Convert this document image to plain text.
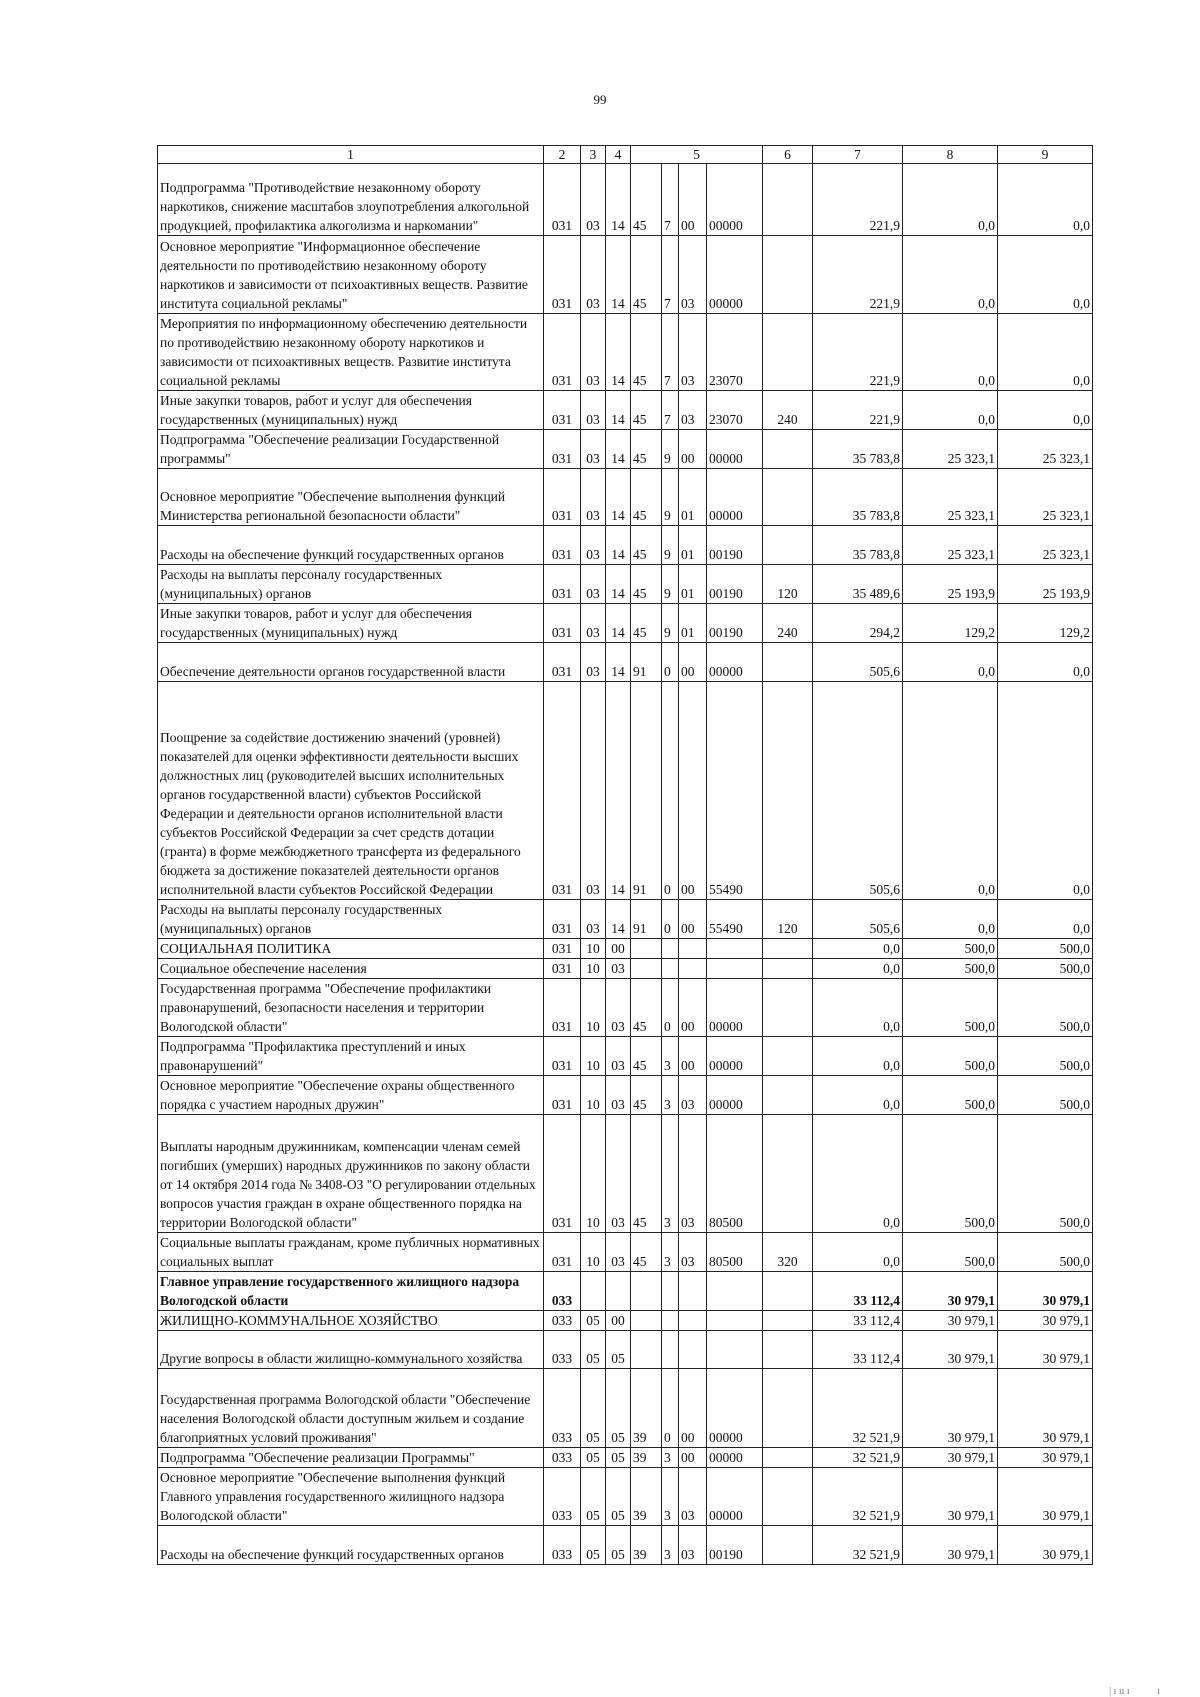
99
1	2	3	4	5				6	7	8	9
Подпрограмма "Противодействие незаконному обороту наркотиков, снижение масштабов злоупотребления алкогольной продукцией, профилактика алкоголизма и наркомании"	031	03	14	45	7	00	00000		221,9	0,0	0,0
Основное мероприятие "Информационное обеспечение деятельности по противодействию незаконному обороту наркотиков и зависимости от психоактивных веществ. Развитие института социальной рекламы"	031	03	14	45	7	03	00000		221,9	0,0	0,0
Мероприятия по информационному обеспечению деятельности по противодействию незаконному обороту наркотиков и зависимости от психоактивных веществ. Развитие института социальной рекламы	031	03	14	45	7	03	23070		221,9	0,0	0,0
Иные закупки товаров, работ и услуг для обеспечения государственных (муниципальных) нужд	031	03	14	45	7	03	23070	240	221,9	0,0	0,0
Подпрограмма "Обеспечение реализации Государственной программы"	031	03	14	45	9	00	00000		35 783,8	25 323,1	25 323,1
Основное мероприятие "Обеспечение выполнения функций Министерства региональной безопасности области"	031	03	14	45	9	01	00000		35 783,8	25 323,1	25 323,1
Расходы на обеспечение функций государственных органов	031	03	14	45	9	01	00190		35 783,8	25 323,1	25 323,1
Расходы на выплаты персоналу государственных (муниципальных) органов	031	03	14	45	9	01	00190	120	35 489,6	25 193,9	25 193,9
Иные закупки товаров, работ и услуг для обеспечения государственных (муниципальных) нужд	031	03	14	45	9	01	00190	240	294,2	129,2	129,2
Обеспечение деятельности органов государственной власти	031	03	14	91	0	00	00000		505,6	0,0	0,0
Поощрение за содействие достижению значений (уровней) показателей для оценки эффективности деятельности высших должностных лиц (руководителей высших исполнительных органов государственной власти) субъектов Российской Федерации и деятельности органов исполнительной власти субъектов Российской Федерации за счет средств дотации (гранта) в форме межбюджетного трансферта из федерального бюджета за достижение показателей деятельности органов исполнительной власти субъектов Российской Федерации	031	03	14	91	0	00	55490		505,6	0,0	0,0
Расходы на выплаты персоналу государственных (муниципальных) органов	031	03	14	91	0	00	55490	120	505,6	0,0	0,0
СОЦИАЛЬНАЯ ПОЛИТИКА	031	10	00						0,0	500,0	500,0
Социальное обеспечение населения	031	10	03						0,0	500,0	500,0
Государственная программа "Обеспечение профилактики правонарушений, безопасности населения и территории Вологодской области"	031	10	03	45	0	00	00000		0,0	500,0	500,0
Подпрограмма "Профилактика преступлений и иных правонарушений"	031	10	03	45	3	00	00000		0,0	500,0	500,0
Основное мероприятие "Обеспечение охраны общественного порядка с участием народных дружин"	031	10	03	45	3	03	00000		0,0	500,0	500,0
Выплаты народным дружинникам, компенсации членам семей погибших (умерших) народных дружинников по закону области от 14 октября 2014 года № 3408-ОЗ "О регулировании отдельных вопросов участия граждан в охране общественного порядка на территории Вологодской области"	031	10	03	45	3	03	80500		0,0	500,0	500,0
Социальные выплаты гражданам, кроме публичных нормативных социальных выплат	031	10	03	45	3	03	80500	320	0,0	500,0	500,0
Главное управление государственного жилищного надзора Вологодской области	033								33 112,4	30 979,1	30 979,1
ЖИЛИЩНО-КОММУНАЛЬНОЕ ХОЗЯЙСТВО	033	05	00						33 112,4	30 979,1	30 979,1
Другие вопросы в области жилищно-коммунального хозяйства	033	05	05						33 112,4	30 979,1	30 979,1
Государственная программа Вологодской области "Обеспечение населения Вологодской области доступным жильем и создание благоприятных условий проживания"	033	05	05	39	0	00	00000		32 521,9	30 979,1	30 979,1
Подпрограмма "Обеспечение реализации Программы"	033	05	05	39	3	00	00000		32 521,9	30 979,1	30 979,1
Основное мероприятие "Обеспечение выполнения функций Главного управления государственного жилищного надзора Вологодской области"	033	05	05	39	3	03	00000		32 521,9	30 979,1	30 979,1
Расходы на обеспечение функций государственных органов	033	05	05	39	3	03	00190		32 521,9	30 979,1	30 979,1
| ı ıı ı           ı
